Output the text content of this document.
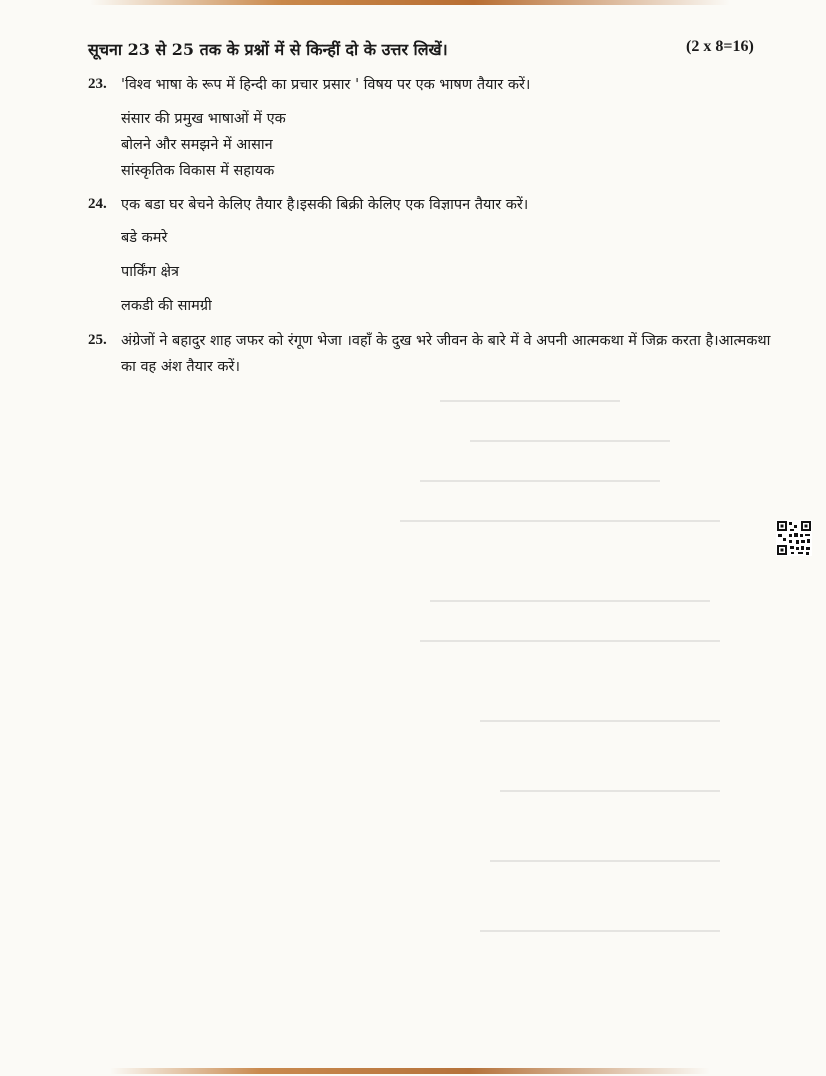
सूचना 23 से 25 तक के प्रश्नों में से किन्हीं दो के उत्तर लिखें।	(2 x 8=16)
23. 'विश्व भाषा के रूप में हिन्दी का प्रचार प्रसार ' विषय पर एक भाषण तैयार करें।
संसार की प्रमुख भाषाओं में एक
बोलने और समझने में आसान
सांस्कृतिक विकास में सहायक
24. एक बडा घर बेचने केलिए तैयार है।इसकी बिक्री केलिए एक विज्ञापन तैयार करें।
बडे कमरे
पार्किंग क्षेत्र
लकडी की सामग्री
25. अंग्रेजों ने बहादुर शाह जफर को रंगूण भेजा ।वहाँ के दुख भरे जीवन के बारे में वे अपनी आत्मकथा में जिक्र करता है।आत्मकथा का वह अंश तैयार करें।
